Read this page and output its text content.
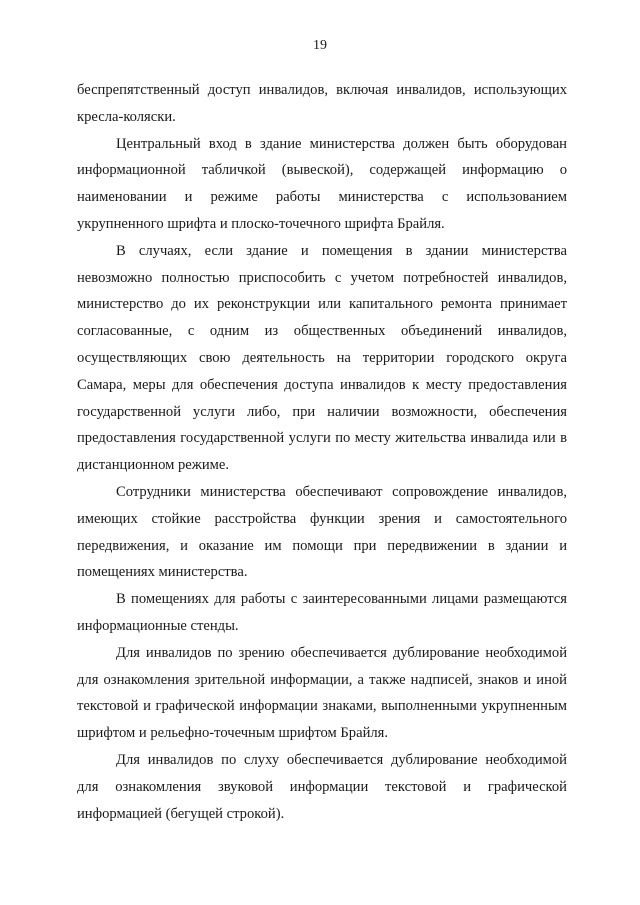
19

беспрепятственный доступ инвалидов, включая инвалидов, использующих кресла-коляски.

Центральный вход в здание министерства должен быть оборудован информационной табличкой (вывеской), содержащей информацию о наименовании и режиме работы министерства с использованием укрупненного шрифта и плоско-точечного шрифта Брайля.

В случаях, если здание и помещения в здании министерства невозможно полностью приспособить с учетом потребностей инвалидов, министерство до их реконструкции или капитального ремонта принимает согласованные, с одним из общественных объединений инвалидов, осуществляющих свою деятельность на территории городского округа Самара, меры для обеспечения доступа инвалидов к месту предоставления государственной услуги либо, при наличии возможности, обеспечения предоставления государственной услуги по месту жительства инвалида или в дистанционном режиме.

Сотрудники министерства обеспечивают сопровождение инвалидов, имеющих стойкие расстройства функции зрения и самостоятельного передвижения, и оказание им помощи при передвижении в здании и помещениях министерства.

В помещениях для работы с заинтересованными лицами размещаются информационные стенды.

Для инвалидов по зрению обеспечивается дублирование необходимой для ознакомления зрительной информации, а также надписей, знаков и иной текстовой и графической информации знаками, выполненными укрупненным шрифтом и рельефно-точечным шрифтом Брайля.

Для инвалидов по слуху обеспечивается дублирование необходимой для ознакомления звуковой информации текстовой и графической информацией (бегущей строкой).
